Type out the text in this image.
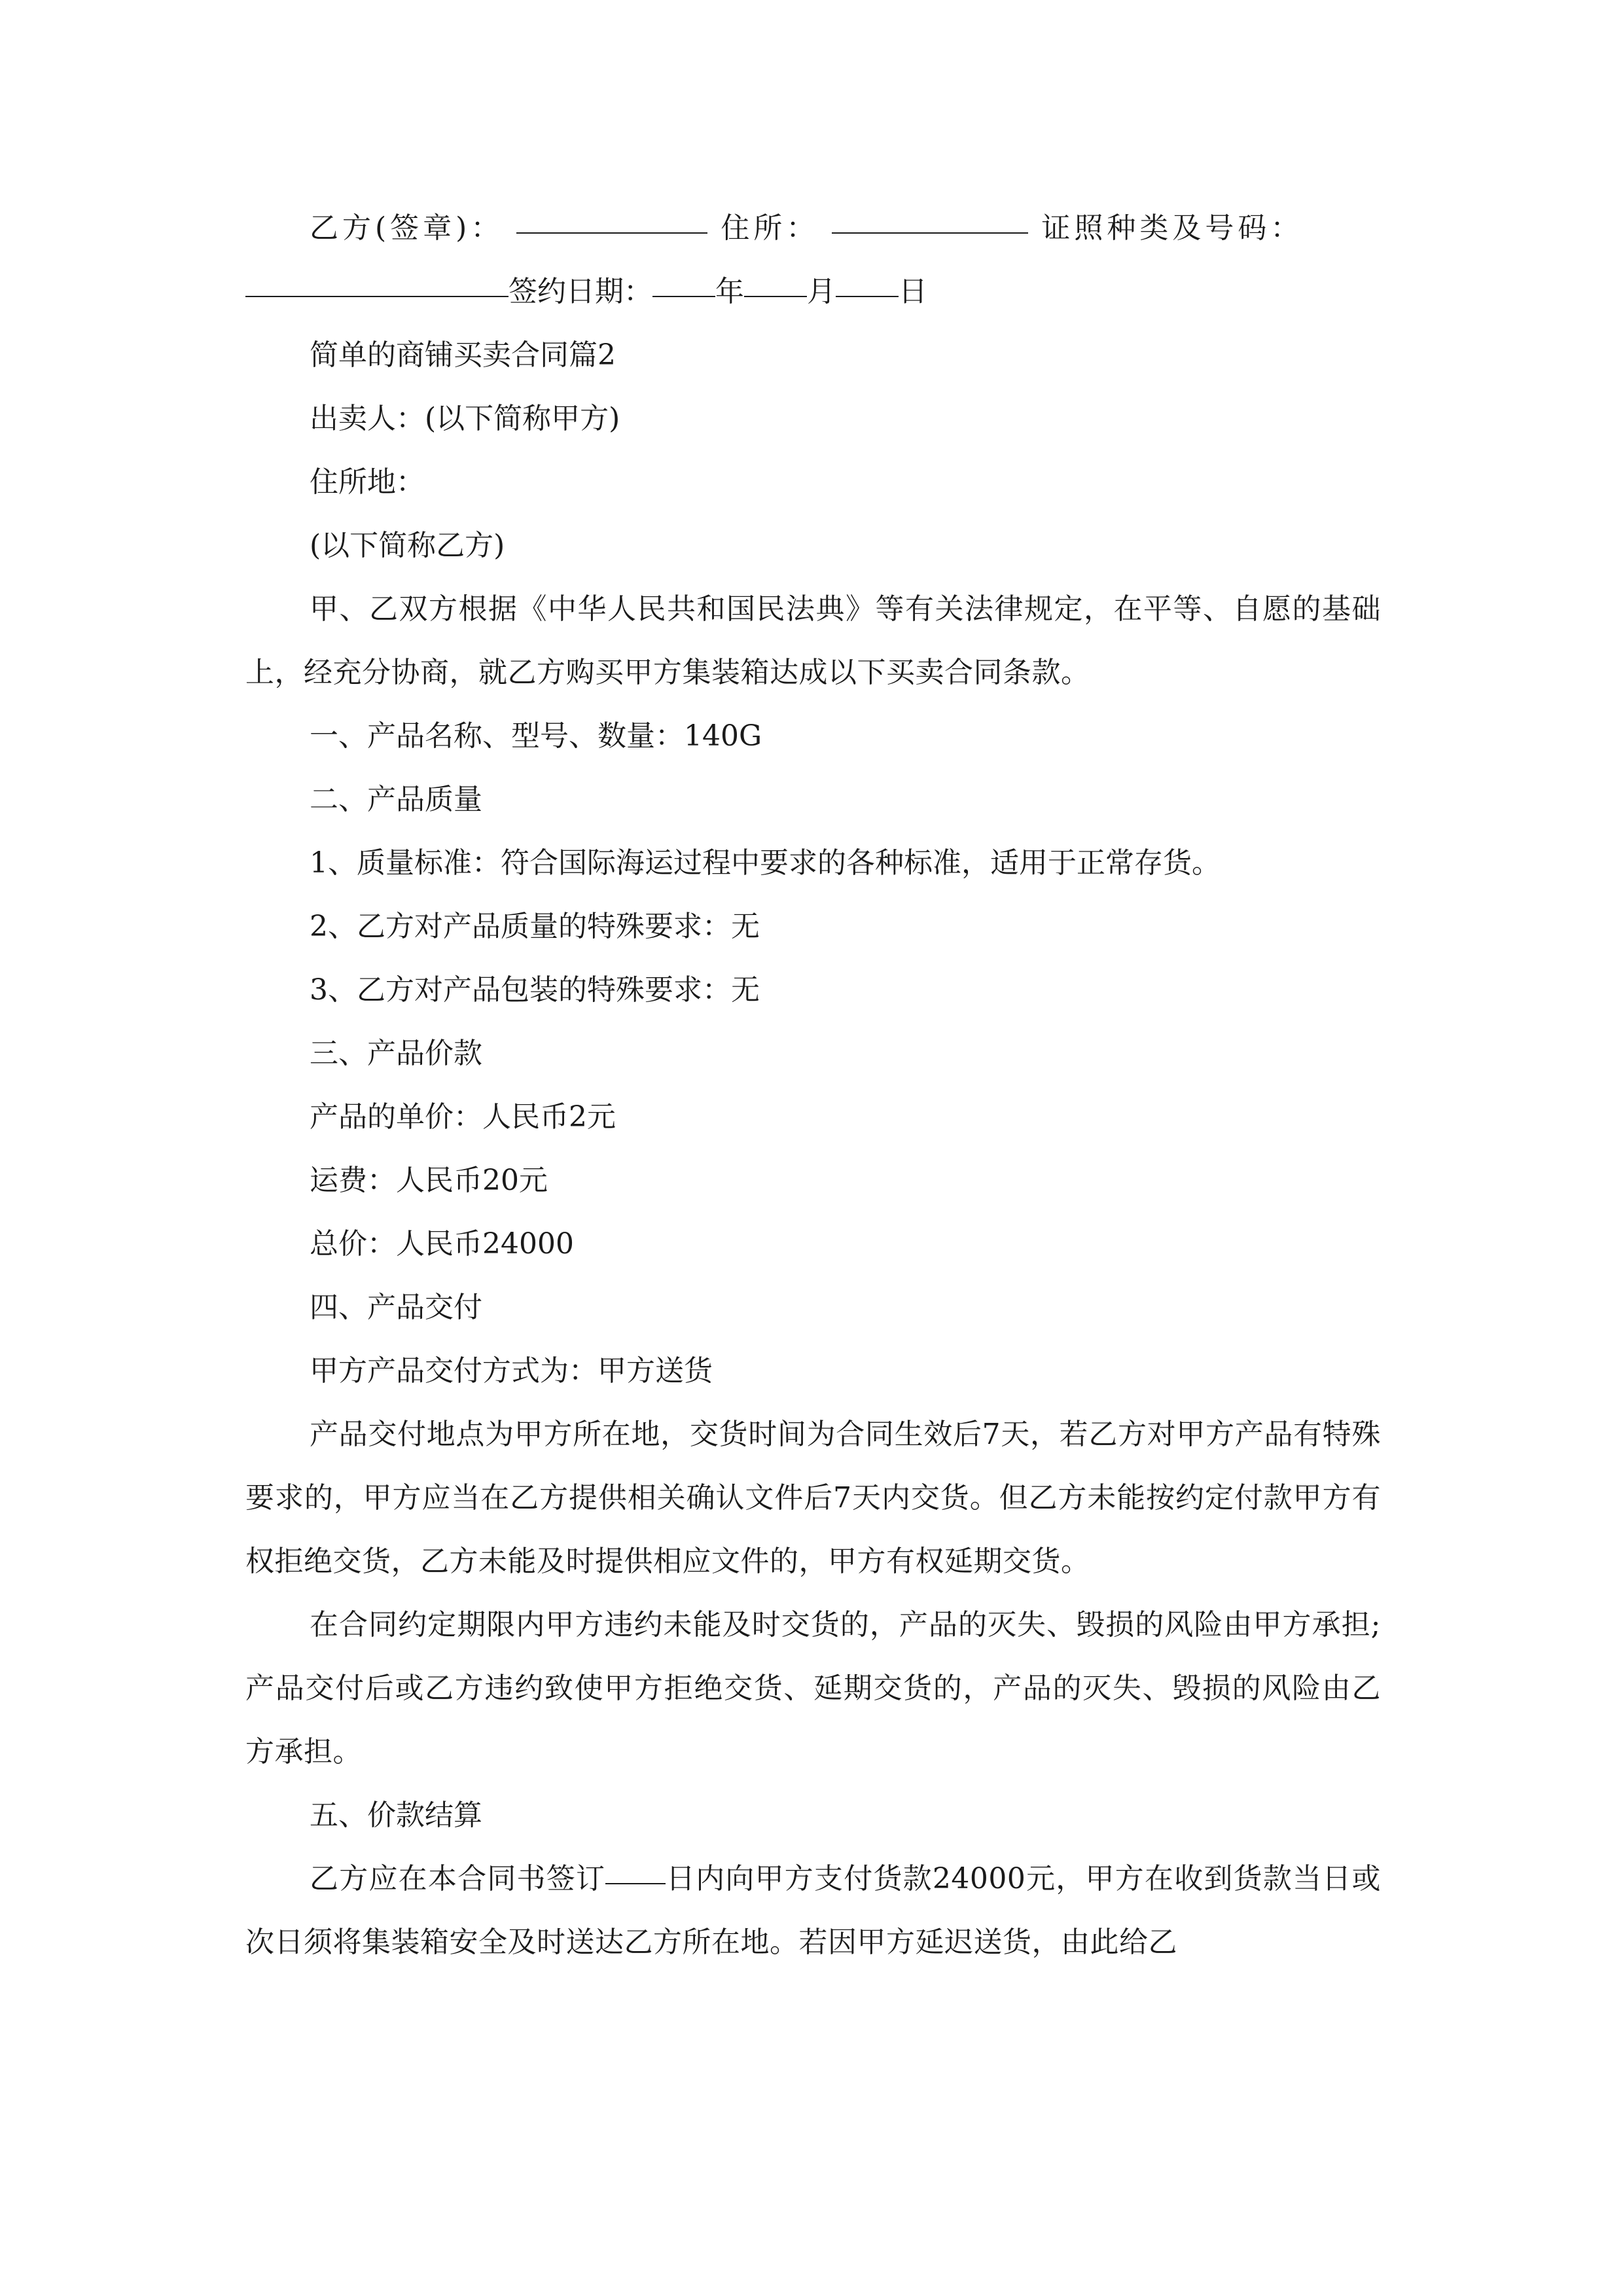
乙方(签章)：	住所：	证照种类及号码：
签约日期： 年 月 日
简单的商铺买卖合同篇2
出卖人：(以下简称甲方)
住所地：
(以下简称乙方)
甲、乙双方根据《中华人民共和国民法典》等有关法律规定，在平等、自愿的基础上，经充分协商，就乙方购买甲方集装箱达成以下买卖合同条款。
一、产品名称、型号、数量：140G
二、产品质量
1、质量标准：符合国际海运过程中要求的各种标准，适用于正常存货。
2、乙方对产品质量的特殊要求：无
3、乙方对产品包装的特殊要求：无
三、产品价款
产品的单价：人民币2元
运费：人民币20元
总价：人民币24000
四、产品交付
甲方产品交付方式为：甲方送货
产品交付地点为甲方所在地，交货时间为合同生效后7天，若乙方对甲方产品有特殊要求的，甲方应当在乙方提供相关确认文件后7天内交货。但乙方未能按约定付款甲方有权拒绝交货，乙方未能及时提供相应文件的，甲方有权延期交货。
在合同约定期限内甲方违约未能及时交货的，产品的灭失、毁损的风险由甲方承担;产品交付后或乙方违约致使甲方拒绝交货、延期交货的，产品的灭失、毁损的风险由乙方承担。
五、价款结算
乙方应在本合同书签订 日内向甲方支付货款24000元，甲方在收到货款当日或次日须将集装箱安全及时送达乙方所在地。若因甲方延迟送货，由此给乙
